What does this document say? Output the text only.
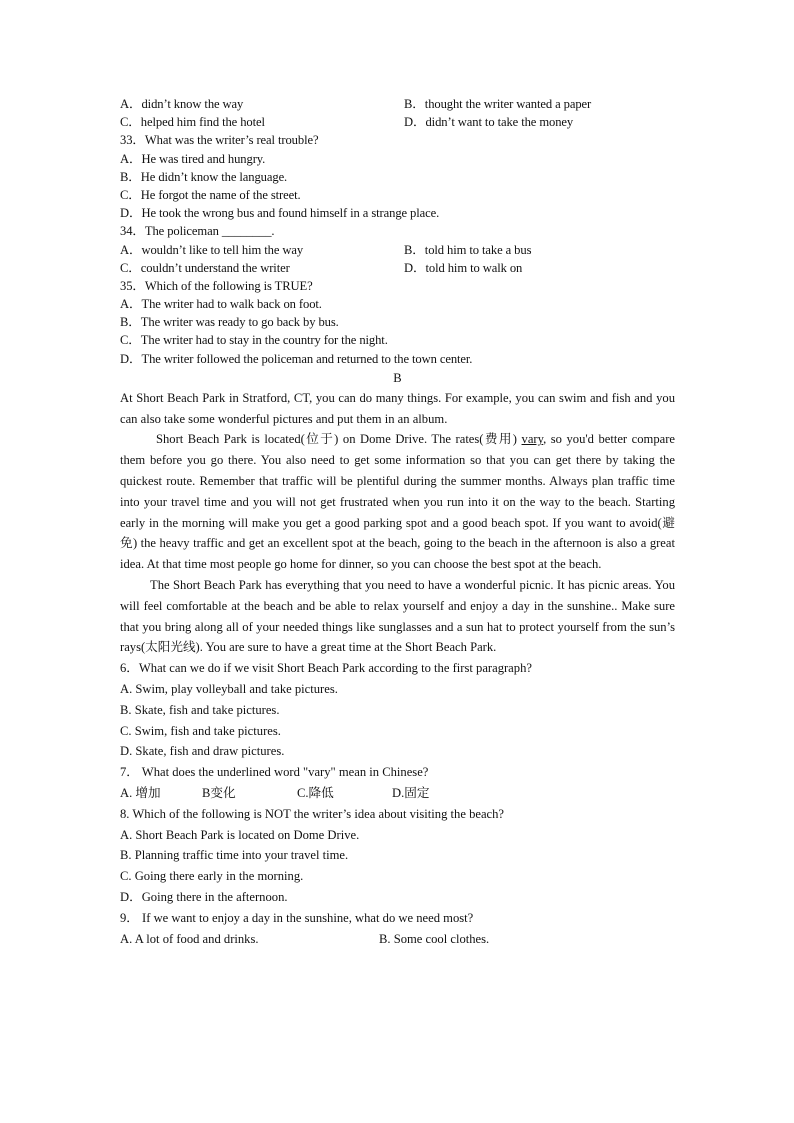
A．didn’t know the way	B．thought the writer wanted a paper
C．helped him find the hotel	D．didn’t want to take the money
33．What was the writer’s real trouble?
A．He was tired and hungry.
B．He didn’t know the language.
C．He forgot the name of the street.
D．He took the wrong bus and found himself in a strange place.
34．The policeman ________.
A．wouldn’t like to tell him the way	B．told him to take a bus
C．couldn’t understand the writer	D．told him to walk on
35．Which of the following is TRUE?
A．The writer had to walk back on foot.
B．The writer was ready to go back by bus.
C．The writer had to stay in the country for the night.
D．The writer followed the policeman and returned to the town center.
B

At Short Beach Park in Stratford, CT, you can do many things. For example, you can swim and fish and you can also take some wonderful pictures and put them in an album.

Short Beach Park is located(位于) on Dome Drive. The rates(费用) vary, so you'd better compare them before you go there. You also need to get some information so that you can get there by taking the quickest route. Remember that traffic will be plentiful during the summer months. Always plan traffic time into your travel time and you will not get frustrated when you run into it on the way to the beach. Starting early in the morning will make you get a good parking spot and a good beach spot. If you want to avoid(避免) the heavy traffic and get an excellent spot at the beach, going to the beach in the afternoon is also a great idea. At that time most people go home for dinner, so you can choose the best spot at the beach.

The Short Beach Park has everything that you need to have a wonderful picnic. It has picnic areas. You will feel comfortable at the beach and be able to relax yourself and enjoy a day in the sunshine.. Make sure that you bring along all of your needed things like sunglasses and a sun hat to protect yourself from the sun’s rays(太阳光线). You are sure to have a great time at the Short Beach Park.

6．What can we do if we visit Short Beach Park according to the first paragraph?
A. Swim, play volleyball and take pictures.
B. Skate, fish and take pictures.
C. Swim, fish and take pictures.
D. Skate, fish and draw pictures.
7． What does the underlined word "vary" mean in Chinese?
A. 增加	B变化	C.降低	D.固定
8. Which of the following is NOT the writer’s idea about visiting the beach?
A. Short Beach Park is located on Dome Drive.
B. Planning traffic time into your travel time.
C. Going there early in the morning.
D．Going there in the afternoon.
9． If we want to enjoy a day in the sunshine, what do we need most?
A. A lot of food and drinks.	B. Some cool clothes.
